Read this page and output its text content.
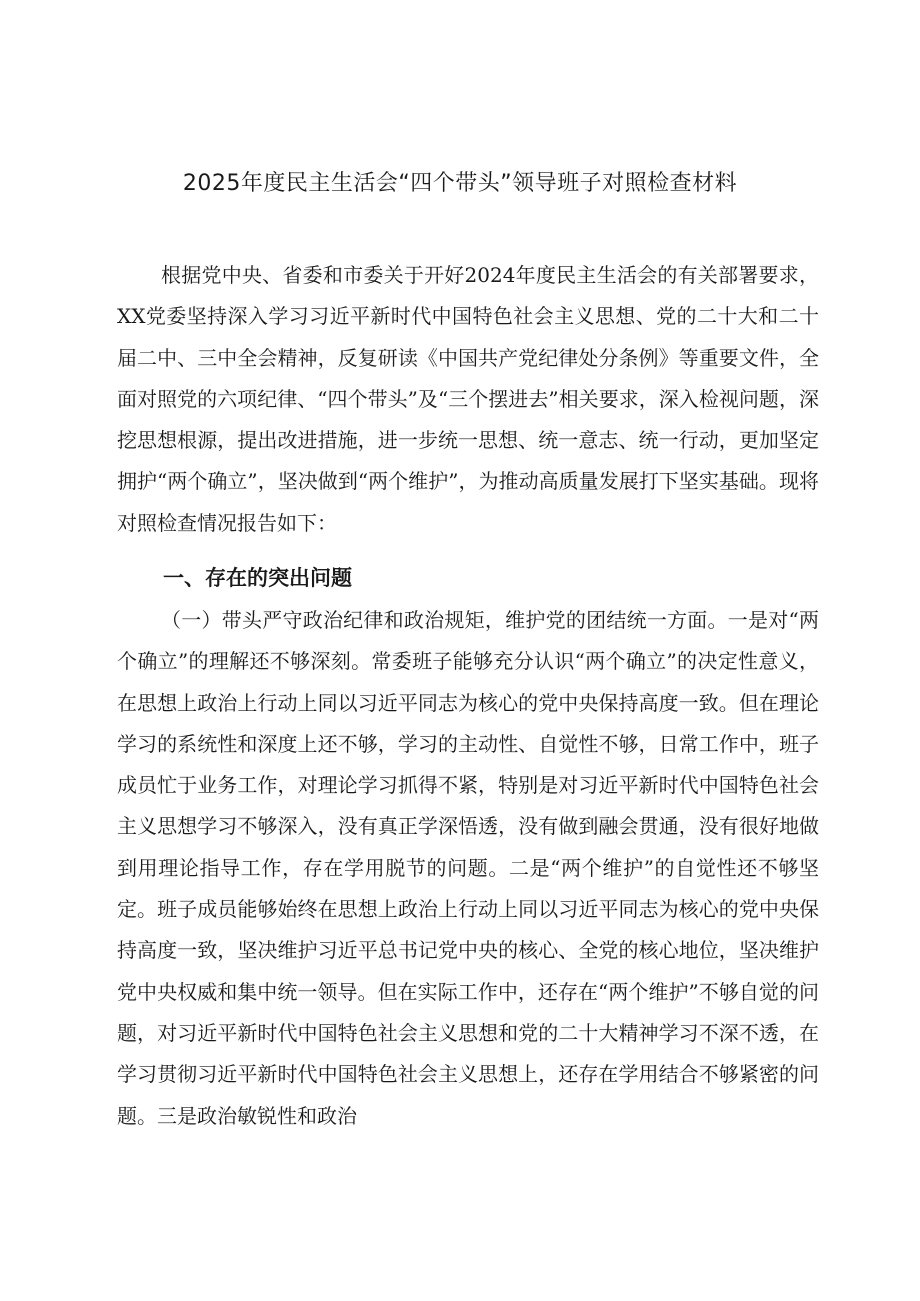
2025年度民主生活会“四个带头”领导班子对照检查材料

根据党中央、省委和市委关于开好2024年度民主生活会的有关部署要求，XX党委坚持深入学习习近平新时代中国特色社会主义思想、党的二十大和二十届二中、三中全会精神，反复研读《中国共产党纪律处分条例》等重要文件，全面对照党的六项纪律、“四个带头”及“三个摆进去”相关要求，深入检视问题，深挖思想根源，提出改进措施，进一步统一思想、统一意志、统一行动，更加坚定拥护“两个确立”，坚决做到“两个维护”，为推动高质量发展打下坚实基础。现将对照检查情况报告如下：

一、存在的突出问题

（一）带头严守政治纪律和政治规矩，维护党的团结统一方面。一是对“两个确立”的理解还不够深刻。常委班子能够充分认识“两个确立”的决定性意义，在思想上政治上行动上同以习近平同志为核心的党中央保持高度一致。但在理论学习的系统性和深度上还不够，学习的主动性、自觉性不够，日常工作中，班子成员忙于业务工作，对理论学习抓得不紧，特别是对习近平新时代中国特色社会主义思想学习不够深入，没有真正学深悟透，没有做到融会贯通，没有很好地做到用理论指导工作，存在学用脱节的问题。二是“两个维护”的自觉性还不够坚定。班子成员能够始终在思想上政治上行动上同以习近平同志为核心的党中央保持高度一致，坚决维护习近平总书记党中央的核心、全党的核心地位，坚决维护党中央权威和集中统一领导。但在实际工作中，还存在“两个维护”不够自觉的问题，对习近平新时代中国特色社会主义思想和党的二十大精神学习不深不透，在学习贯彻习近平新时代中国特色社会主义思想上，还存在学用结合不够紧密的问题。三是政治敏锐性和政治
